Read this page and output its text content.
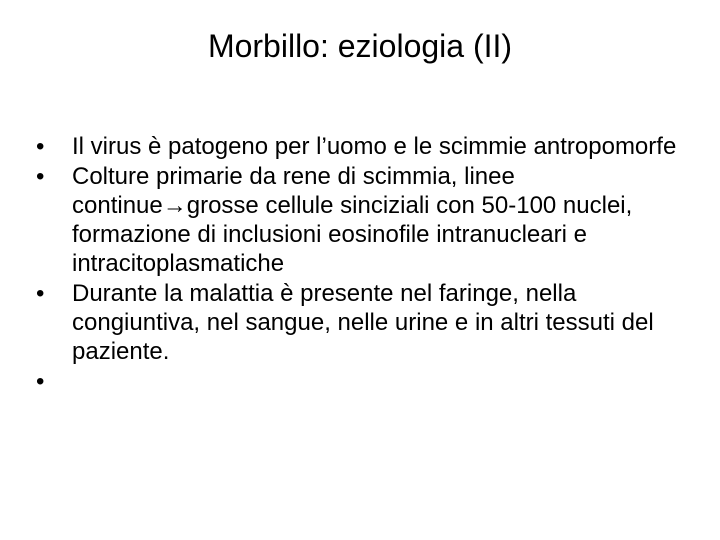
Morbillo: eziologia (II)
•	Il virus è patogeno per l’uomo e le scimmie antropomorfe
•	Colture primarie da rene di scimmia, linee continue→grosse cellule sinciziali con 50-100 nuclei, formazione di inclusioni eosinofile intranucleari e intracitoplasmatiche
•	Durante la malattia è presente nel faringe, nella congiuntiva, nel sangue, nelle urine e in altri tessuti del paziente.
•
